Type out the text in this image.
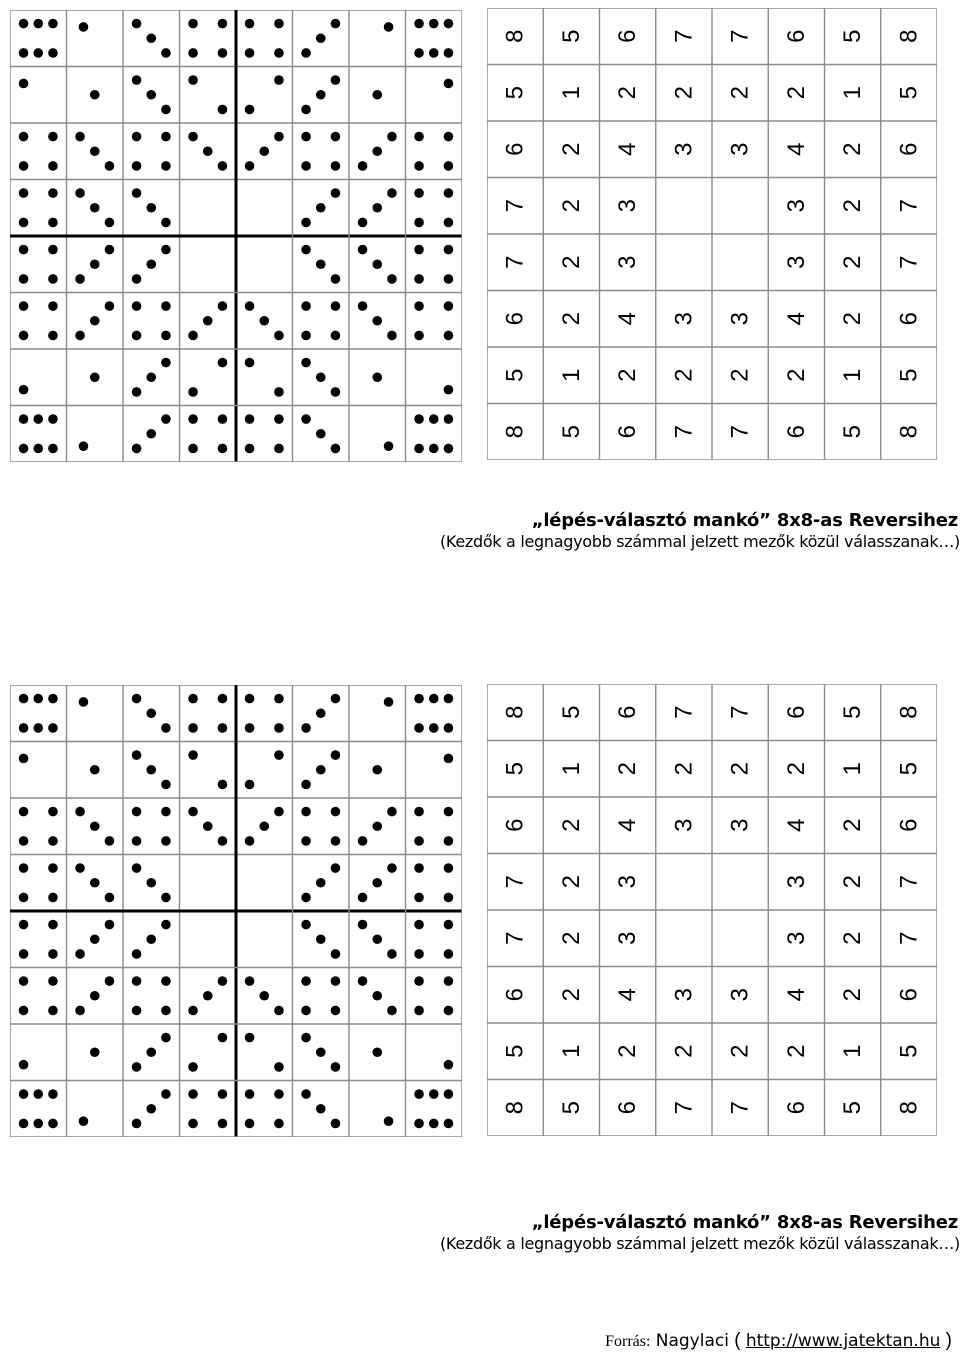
8 5 6 7 7 6 5 8
5 1 2 2 2 2 1 5
6 2 4 3 3 4 2 6
7 2 3	3 2 7
7 2 3	3 2 7
6 2 4 3 3 4 2 6
5 1 2 2 2 2 1 5
8 5 6 7 7 6 5 8
„lépés-választó mankó” 8x8-as Reversihez
(Kezdők a legnagyobb számmal jelzett mezők közül válasszanak…)
8 5 6 7 7 6 5 8
5 1 2 2 2 2 1 5
6 2 4 3 3 4 2 6
7 2 3	3 2 7
7 2 3	3 2 7
6 2 4 3 3 4 2 6
5 1 2 2 2 2 1 5
8 5 6 7 7 6 5 8
„lépés-választó mankó” 8x8-as Reversihez
(Kezdők a legnagyobb számmal jelzett mezők közül válasszanak…)
Forrás: Nagylaci ( http://www.jatektan.hu )
